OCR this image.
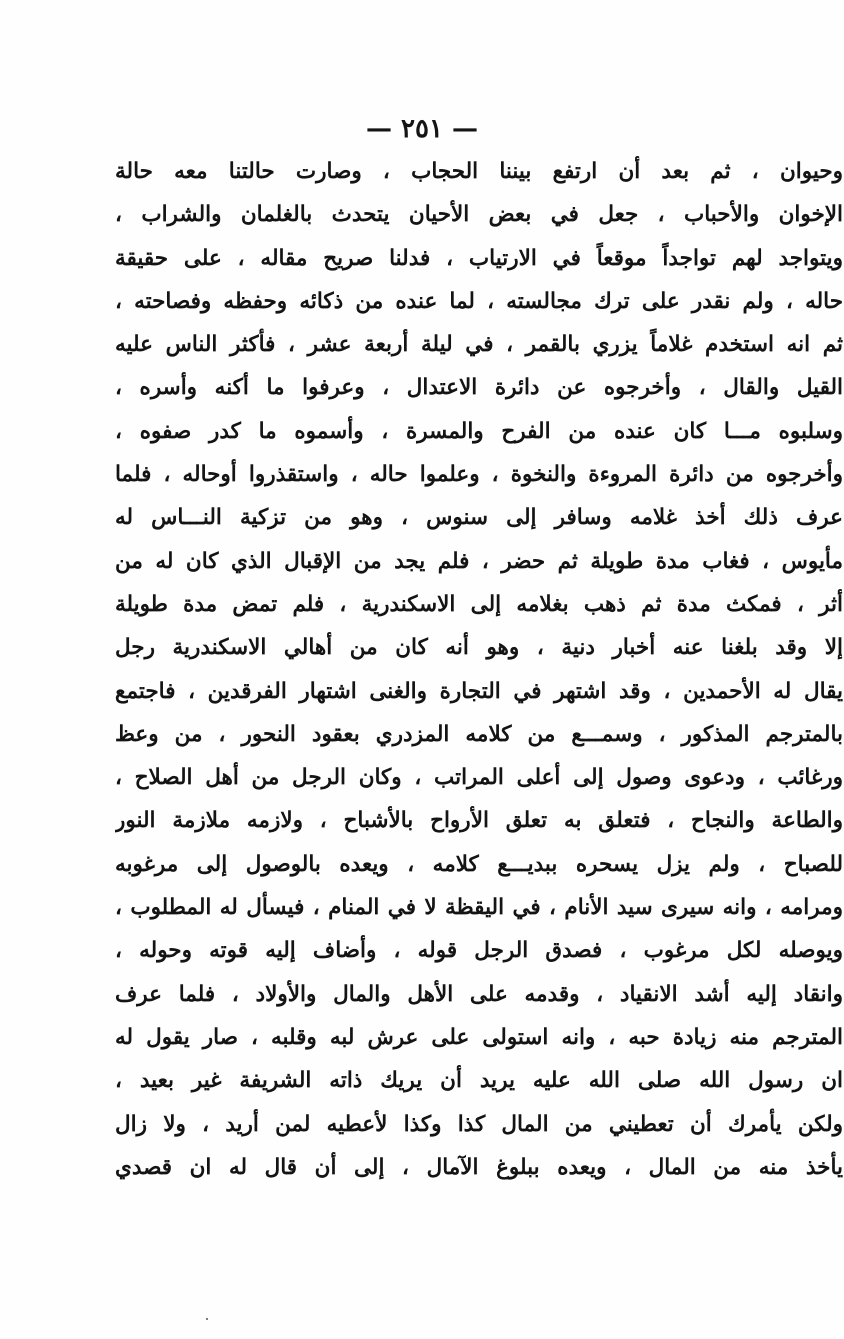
— ٢٥١ —
وحيوان ، ثم بعد أن ارتفع بيننا الحجاب ، وصارت حالتنا معه حالة
الإخوان والأحباب ، جعل في بعض الأحيان يتحدث بالغلمان والشراب ،
ويتواجد لهم تواجداً موقعاً في الارتياب ، فدلنا صريح مقاله ، على حقيقة
حاله ، ولم نقدر على ترك مجالسته ، لما عنده من ذكائه وحفظه وفصاحته ،
ثم انه استخدم غلاماً يزري بالقمر ، في ليلة أربعة عشر ، فأكثر الناس عليه
القيل والقال ، وأخرجوه عن دائرة الاعتدال ، وعرفوا ما أكنه وأسره ،
وسلبوه مـــا كان عنده من الفرح والمسرة ، وأسموه ما كدر صفوه ،
وأخرجوه من دائرة المروءة والنخوة ، وعلموا حاله ، واستقذروا أوحاله ، فلما
عرف ذلك أخذ غلامه وسافر إلى سنوس ، وهو من تزكية النـــاس له
مأيوس ، فغاب مدة طويلة ثم حضر ، فلم يجد من الإقبال الذي كان له من
أثر ، فمكث مدة ثم ذهب بغلامه إلى الاسكندرية ، فلم تمض مدة طويلة
إلا وقد بلغنا عنه أخبار دنية ، وهو أنه كان من أهالي الاسكندرية رجل
يقال له الأحمدين ، وقد اشتهر في التجارة والغنى اشتهار الفرقدين ، فاجتمع
بالمترجم المذكور ، وسمـــع من كلامه المزدري بعقود النحور ، من وعظ
ورغائب ، ودعوى وصول إلى أعلى المراتب ، وكان الرجل من أهل الصلاح ،
والطاعة والنجاح ، فتعلق به تعلق الأرواح بالأشباح ، ولازمه ملازمة النور
للصباح ، ولم يزل يسحره ببديـــع كلامه ، ويعده بالوصول إلى مرغوبه
ومرامه ، وانه سيرى سيد الأنام ، في اليقظة لا في المنام ، فيسأل له المطلوب ،
ويوصله لكل مرغوب ، فصدق الرجل قوله ، وأضاف إليه قوته وحوله ،
وانقاد إليه أشد الانقياد ، وقدمه على الأهل والمال والأولاد ، فلما عرف
المترجم منه زيادة حبه ، وانه استولى على عرش لبه وقلبه ، صار يقول له
ان رسول الله صلى الله عليه يريد أن يريك ذاته الشريفة غير بعيد ،
ولكن يأمرك أن تعطيني من المال كذا وكذا لأعطيه لمن أريد ، ولا زال
يأخذ منه من المال ، ويعده ببلوغ الآمال ، إلى أن قال له ان قصدي
